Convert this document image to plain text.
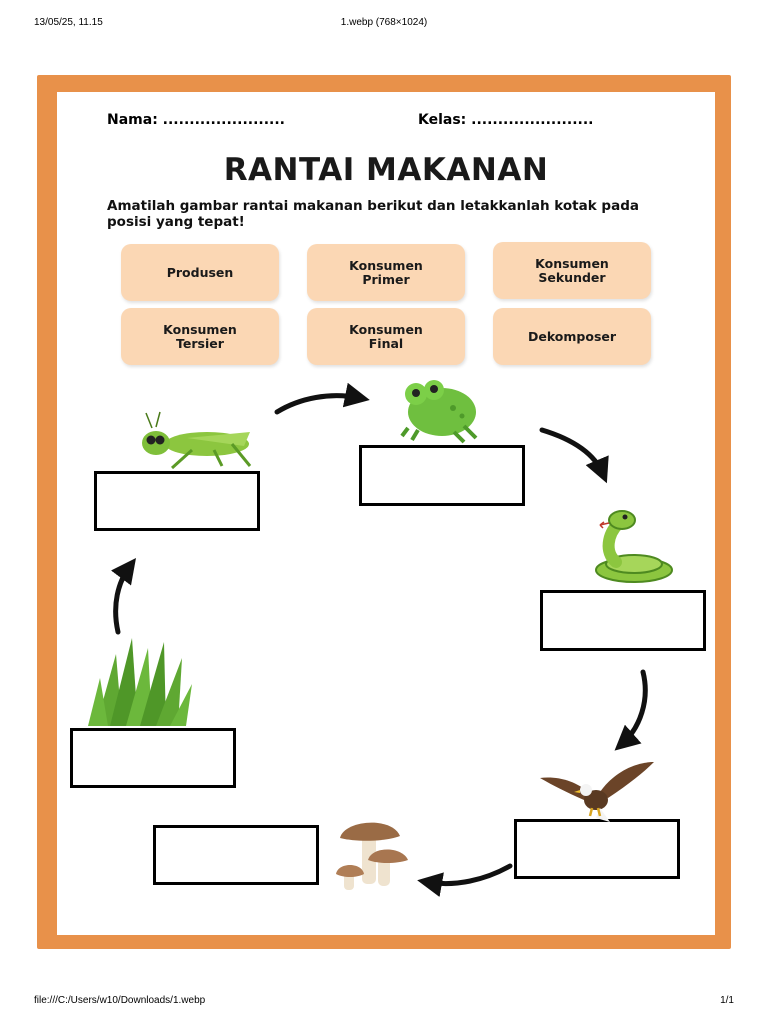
13/05/25, 11.15	1.webp (768×1024)
file:///C:/Users/w10/Downloads/1.webp	1/1
Nama: .......................	Kelas: .......................
RANTAI MAKANAN
Amatilah gambar rantai makanan berikut dan letakkanlah kotak pada posisi yang tepat!
Produsen	Konsumen
Primer
Konsumen
Sekunder
Konsumen
Tersier
Konsumen
Final	Dekomposer
